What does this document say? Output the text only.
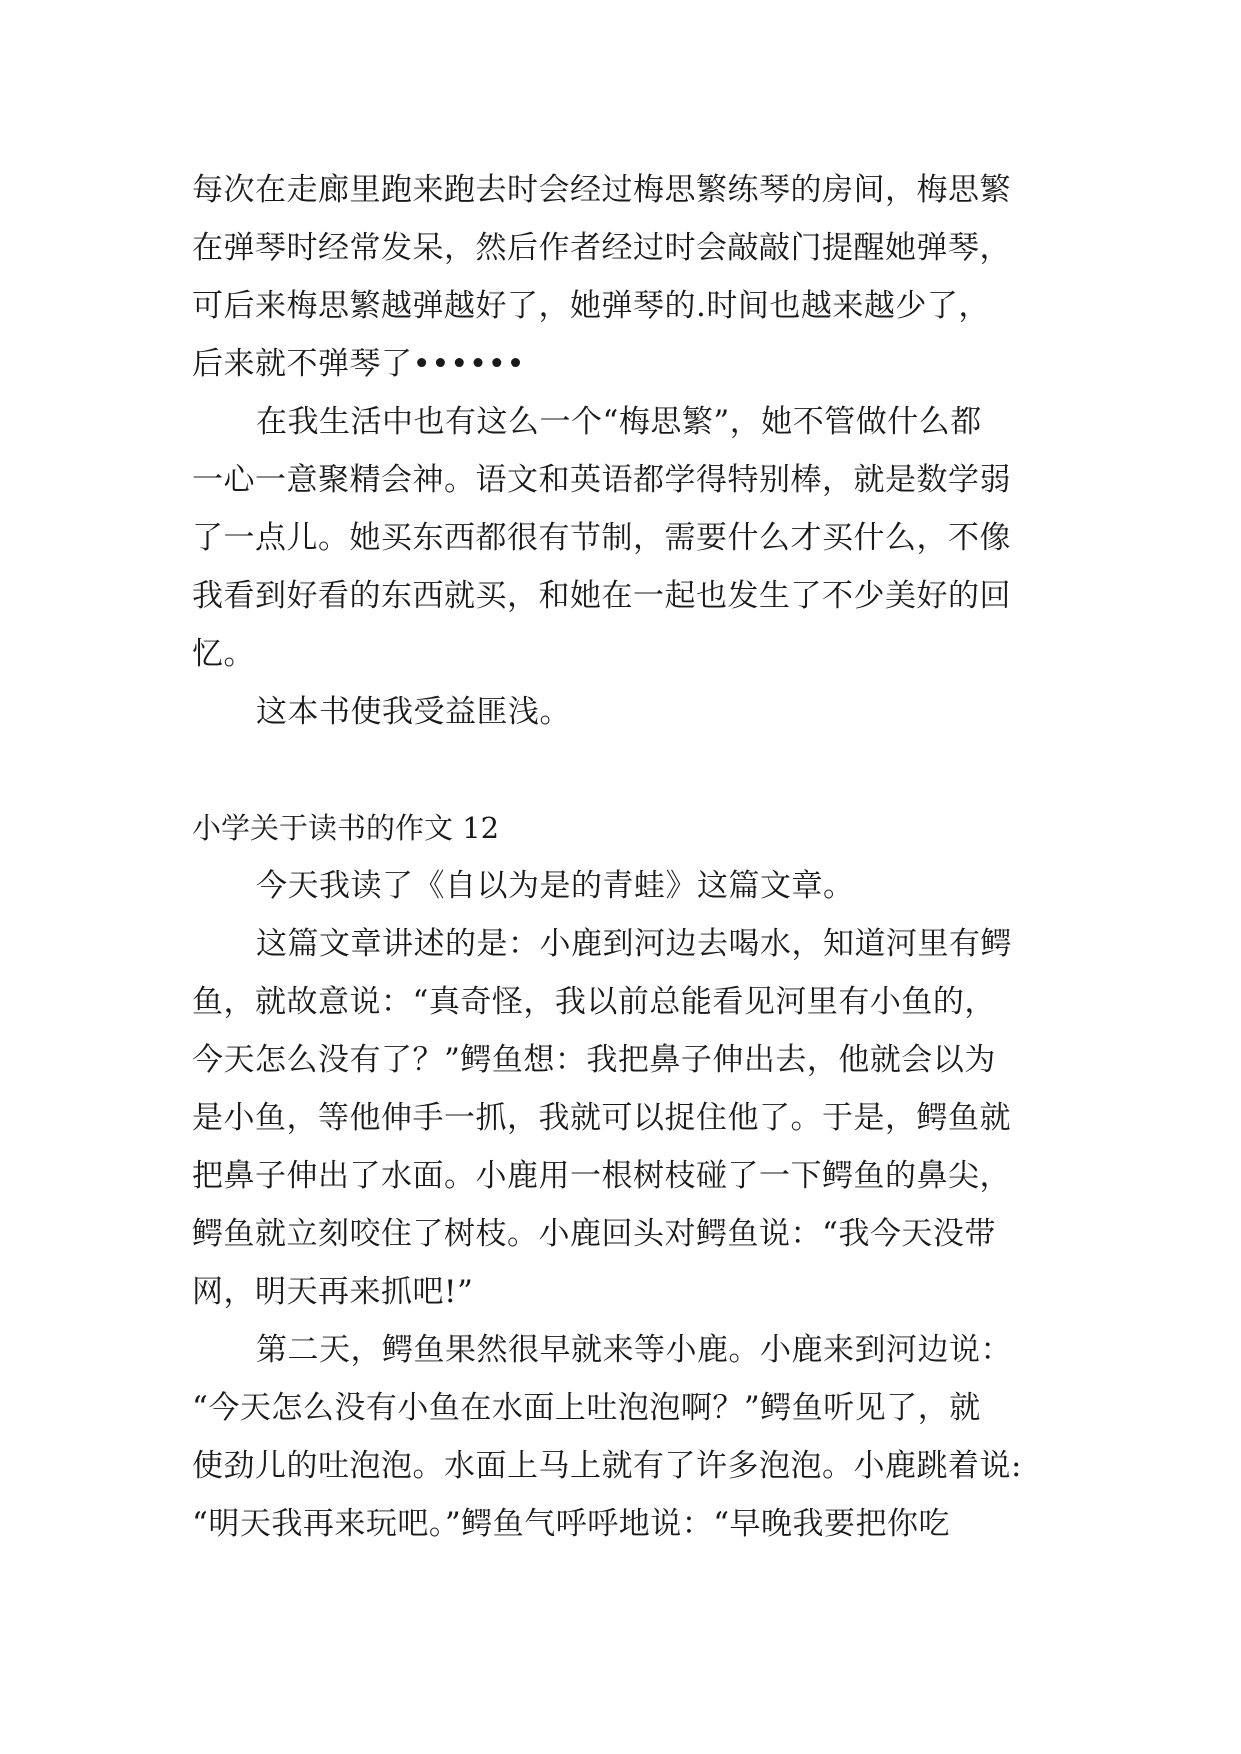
每次在走廊里跑来跑去时会经过梅思繁练琴的房间，梅思繁
在弹琴时经常发呆，然后作者经过时会敲敲门提醒她弹琴，
可后来梅思繁越弹越好了，她弹琴的.时间也越来越少了，
后来就不弹琴了••••••
在我生活中也有这么一个“梅思繁”，她不管做什么都
一心一意聚精会神。语文和英语都学得特别棒，就是数学弱
了一点儿。她买东西都很有节制，需要什么才买什么，不像
我看到好看的东西就买，和她在一起也发生了不少美好的回
忆。
这本书使我受益匪浅。
小学关于读书的作文 12
今天我读了《自以为是的青蛙》这篇文章。
这篇文章讲述的是：小鹿到河边去喝水，知道河里有鳄
鱼，就故意说：“真奇怪，我以前总能看见河里有小鱼的，
今天怎么没有了？”鳄鱼想：我把鼻子伸出去，他就会以为
是小鱼，等他伸手一抓，我就可以捉住他了。于是，鳄鱼就
把鼻子伸出了水面。小鹿用一根树枝碰了一下鳄鱼的鼻尖，
鳄鱼就立刻咬住了树枝。小鹿回头对鳄鱼说：“我今天没带
网，明天再来抓吧!”
第二天，鳄鱼果然很早就来等小鹿。小鹿来到河边说：
“今天怎么没有小鱼在水面上吐泡泡啊？”鳄鱼听见了，就
使劲儿的吐泡泡。水面上马上就有了许多泡泡。小鹿跳着说:
“明天我再来玩吧。”鳄鱼气呼呼地说：“早晚我要把你吃
